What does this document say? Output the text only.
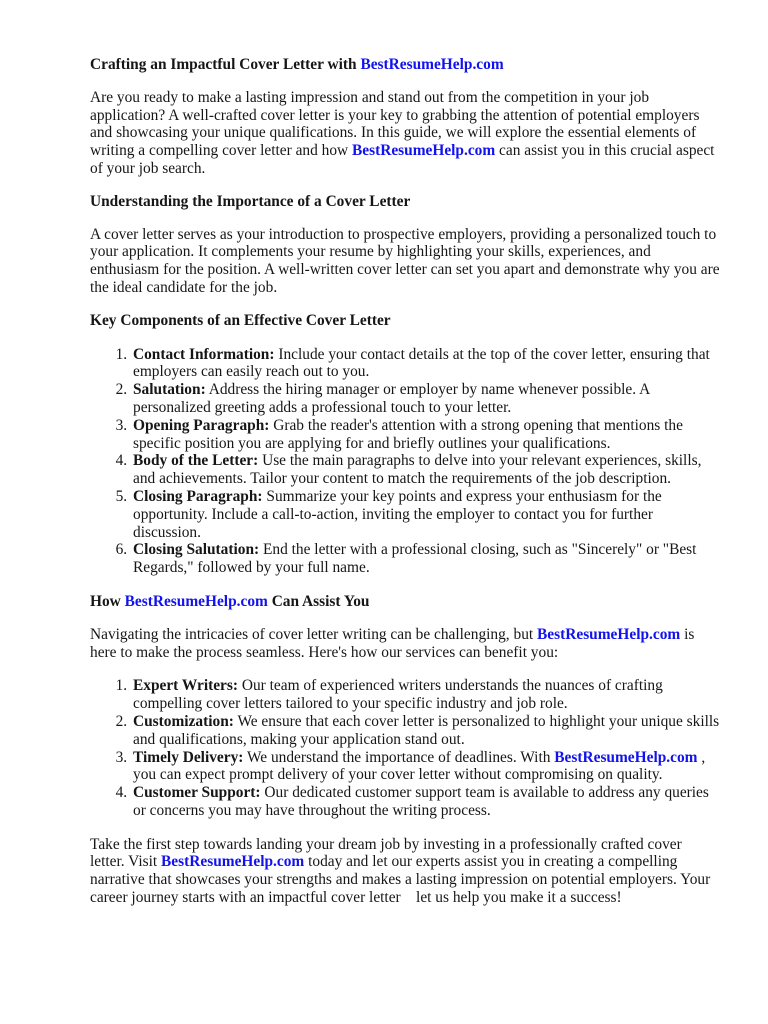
Crafting an Impactful Cover Letter with BestResumeHelp.com

Are you ready to make a lasting impression and stand out from the competition in your job application? A well-crafted cover letter is your key to grabbing the attention of potential employers and showcasing your unique qualifications. In this guide, we will explore the essential elements of writing a compelling cover letter and how BestResumeHelp.com can assist you in this crucial aspect of your job search.

Understanding the Importance of a Cover Letter

A cover letter serves as your introduction to prospective employers, providing a personalized touch to your application. It complements your resume by highlighting your skills, experiences, and enthusiasm for the position. A well-written cover letter can set you apart and demonstrate why you are the ideal candidate for the job.

Key Components of an Effective Cover Letter

1. Contact Information: Include your contact details at the top of the cover letter, ensuring that employers can easily reach out to you.
2. Salutation: Address the hiring manager or employer by name whenever possible. A personalized greeting adds a professional touch to your letter.
3. Opening Paragraph: Grab the reader's attention with a strong opening that mentions the specific position you are applying for and briefly outlines your qualifications.
4. Body of the Letter: Use the main paragraphs to delve into your relevant experiences, skills, and achievements. Tailor your content to match the requirements of the job description.
5. Closing Paragraph: Summarize your key points and express your enthusiasm for the opportunity. Include a call-to-action, inviting the employer to contact you for further discussion.
6. Closing Salutation: End the letter with a professional closing, such as "Sincerely" or "Best Regards," followed by your full name.

How BestResumeHelp.com Can Assist You

Navigating the intricacies of cover letter writing can be challenging, but BestResumeHelp.com is here to make the process seamless. Here's how our services can benefit you:

1. Expert Writers: Our team of experienced writers understands the nuances of crafting compelling cover letters tailored to your specific industry and job role.
2. Customization: We ensure that each cover letter is personalized to highlight your unique skills and qualifications, making your application stand out.
3. Timely Delivery: We understand the importance of deadlines. With BestResumeHelp.com , you can expect prompt delivery of your cover letter without compromising on quality.
4. Customer Support: Our dedicated customer support team is available to address any queries or concerns you may have throughout the writing process.

Take the first step towards landing your dream job by investing in a professionally crafted cover letter. Visit BestResumeHelp.com today and let our experts assist you in creating a compelling narrative that showcases your strengths and makes a lasting impression on potential employers. Your career journey starts with an impactful cover letter    let us help you make it a success!
